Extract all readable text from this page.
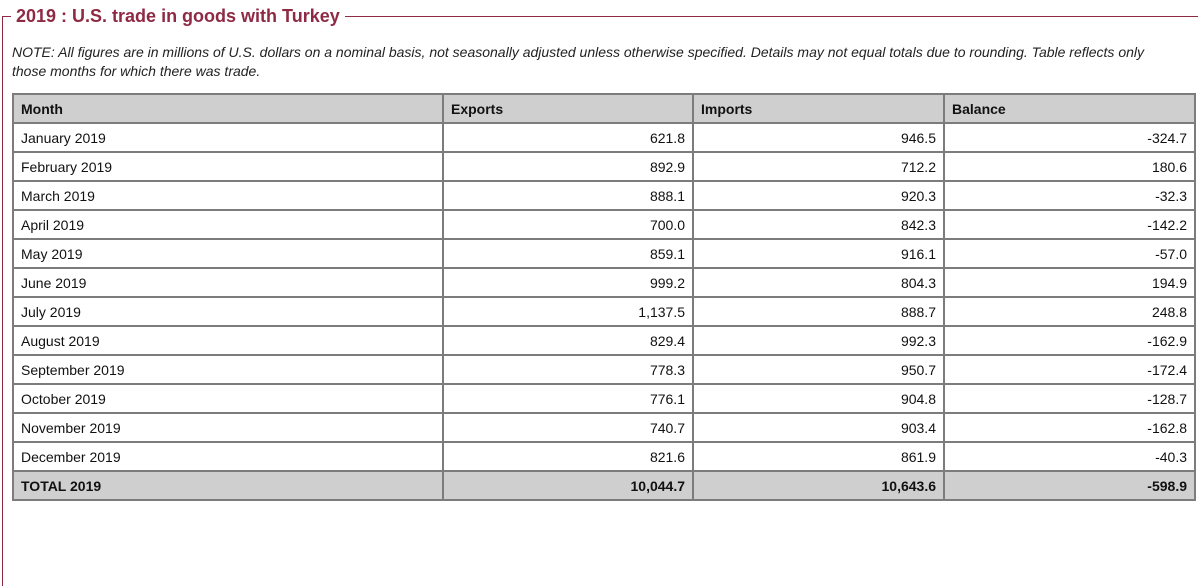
2019 : U.S. trade in goods with Turkey
NOTE: All figures are in millions of U.S. dollars on a nominal basis, not seasonally adjusted unless otherwise specified. Details may not equal totals due to rounding. Table reflects only those months for which there was trade.
Month	Exports	Imports	Balance
January 2019	621.8	946.5	-324.7
February 2019	892.9	712.2	180.6
March 2019	888.1	920.3	-32.3
April 2019	700.0	842.3	-142.2
May 2019	859.1	916.1	-57.0
June 2019	999.2	804.3	194.9
July 2019	1,137.5	888.7	248.8
August 2019	829.4	992.3	-162.9
September 2019	778.3	950.7	-172.4
October 2019	776.1	904.8	-128.7
November 2019	740.7	903.4	-162.8
December 2019	821.6	861.9	-40.3
TOTAL 2019	10,044.7	10,643.6	-598.9
